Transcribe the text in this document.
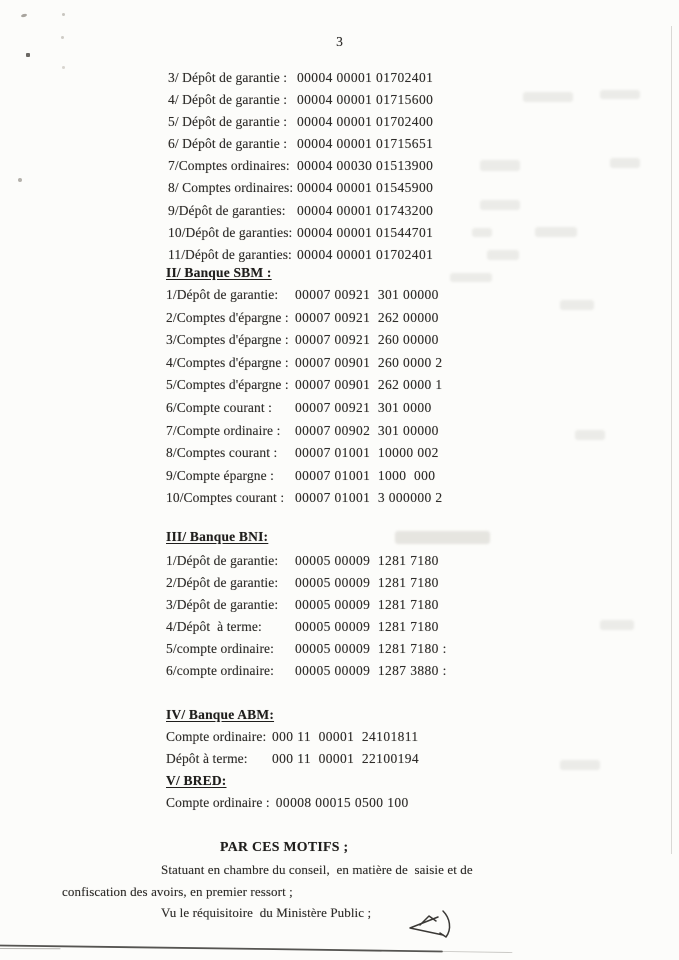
3
3/ Dépôt de garantie : 00004 00001 01702401
4/ Dépôt de garantie : 00004 00001 01715600
5/ Dépôt de garantie : 00004 00001 01702400
6/ Dépôt de garantie : 00004 00001 01715651
7/Comptes ordinaires: 00004 00030 01513900
8/ Comptes ordinaires: 00004 00001 01545900
9/Dépôt de garanties: 00004 00001 01743200
10/Dépôt de garanties: 00004 00001 01544701
11/Dépôt de garanties: 00004 00001 01702401
II/ Banque SBM :
1/Dépôt de garantie:	00007 00921  301 00000
2/Comptes d'épargne : 00007 00921  262 00000
3/Comptes d'épargne : 00007 00921  260 00000
4/Comptes d'épargne : 00007 00901  260 0000 2
5/Comptes d'épargne : 00007 00901  262 0000 1
6/Compte courant :	00007 00921  301 0000
7/Compte ordinaire :	00007 00902  301 00000
8/Comptes courant :	00007 01001  10000 002
9/Compte épargne :	00007 01001  1000  000
10/Comptes courant : 00007 01001  3 000000 2
III/ Banque BNI:
1/Dépôt de garantie:	00005 00009  1281 7180
2/Dépôt de garantie:	00005 00009  1281 7180
3/Dépôt de garantie:	00005 00009  1281 7180
4/Dépôt  à terme:	00005 00009  1281 7180
5/compte ordinaire:	00005 00009  1281 7180 :
6/compte ordinaire:	00005 00009  1287 3880 :
IV/ Banque ABM:
Compte ordinaire: 000 11  00001  24101811
Dépôt à terme:	000 11  00001  22100194
V/ BRED:
Compte ordinaire : 00008 00015 0500 100
PAR CES MOTIFS ;
Statuant en chambre du conseil,  en matière de  saisie et de
confiscation des avoirs, en premier ressort ;
Vu le réquisitoire  du Ministère Public ;
